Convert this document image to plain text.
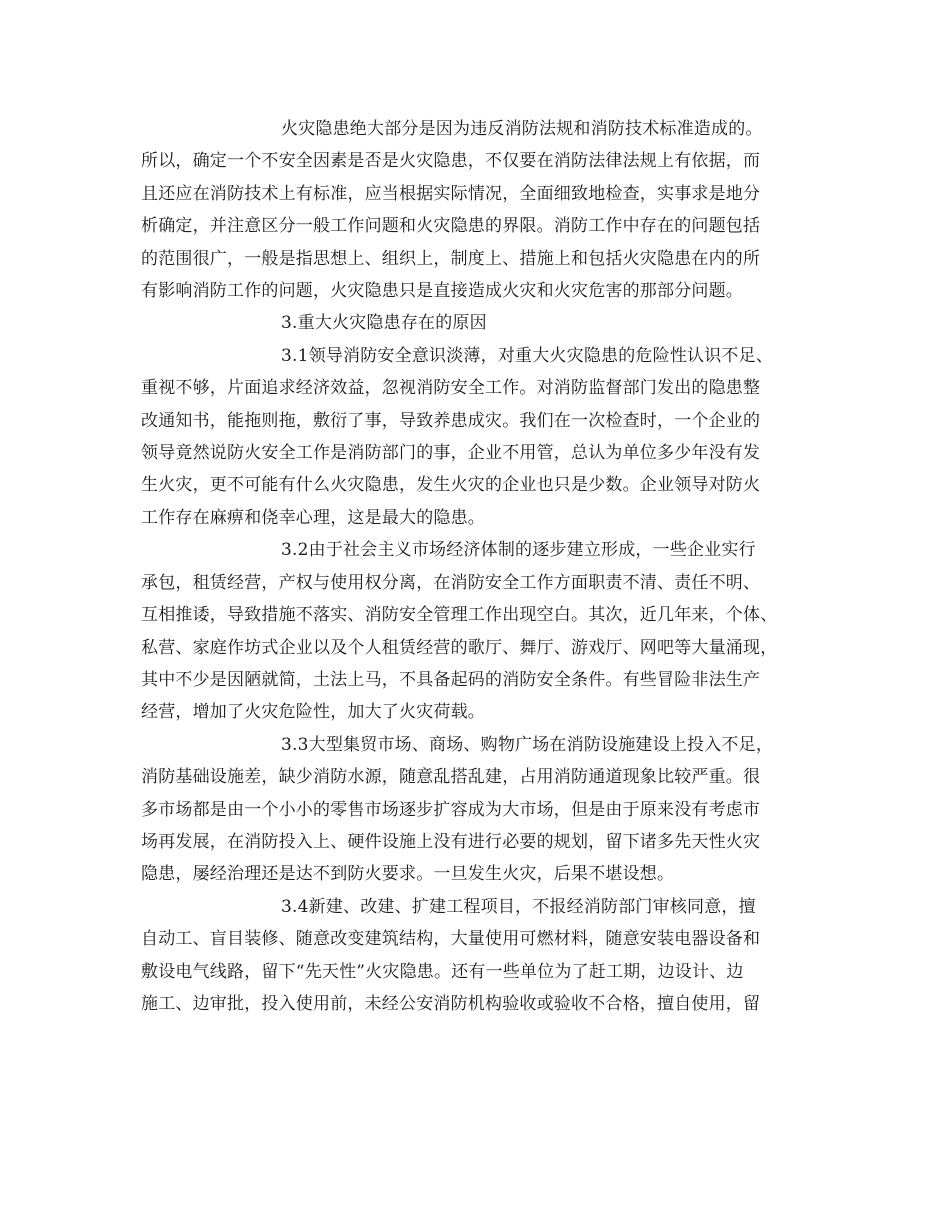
火灾隐患绝大部分是因为违反消防法规和消防技术标准造成的。
所以，确定一个不安全因素是否是火灾隐患，不仅要在消防法律法规上有依据，而
且还应在消防技术上有标准，应当根据实际情况，全面细致地检查，实事求是地分
析确定，并注意区分一般工作问题和火灾隐患的界限。消防工作中存在的问题包括
的范围很广，一般是指思想上、组织上，制度上、措施上和包括火灾隐患在内的所
有影响消防工作的问题，火灾隐患只是直接造成火灾和火灾危害的那部分问题。

3.重大火灾隐患存在的原因

3.1领导消防安全意识淡薄，对重大火灾隐患的危险性认识不足、
重视不够，片面追求经济效益，忽视消防安全工作。对消防监督部门发出的隐患整
改通知书，能拖则拖，敷衍了事，导致养患成灾。我们在一次检查时，一个企业的
领导竟然说防火安全工作是消防部门的事，企业不用管，总认为单位多少年没有发
生火灾，更不可能有什么火灾隐患，发生火灾的企业也只是少数。企业领导对防火
工作存在麻痹和侥幸心理，这是最大的隐患。

3.2由于社会主义市场经济体制的逐步建立形成，一些企业实行
承包，租赁经营，产权与使用权分离，在消防安全工作方面职责不清、责任不明、
互相推诿，导致措施不落实、消防安全管理工作出现空白。其次，近几年来，个体、
私营、家庭作坊式企业以及个人租赁经营的歌厅、舞厅、游戏厅、网吧等大量涌现，
其中不少是因陋就简，土法上马，不具备起码的消防安全条件。有些冒险非法生产
经营，增加了火灾危险性，加大了火灾荷载。

3.3大型集贸市场、商场、购物广场在消防设施建设上投入不足，
消防基础设施差，缺少消防水源，随意乱搭乱建，占用消防通道现象比较严重。很
多市场都是由一个小小的零售市场逐步扩容成为大市场，但是由于原来没有考虑市
场再发展，在消防投入上、硬件设施上没有进行必要的规划，留下诸多先天性火灾
隐患，屡经治理还是达不到防火要求。一旦发生火灾，后果不堪设想。

3.4新建、改建、扩建工程项目，不报经消防部门审核同意，擅
自动工、盲目装修、随意改变建筑结构，大量使用可燃材料，随意安装电器设备和
敷设电气线路，留下“先天性”火灾隐患。还有一些单位为了赶工期，边设计、边
施工、边审批，投入使用前，未经公安消防机构验收或验收不合格，擅自使用，留
